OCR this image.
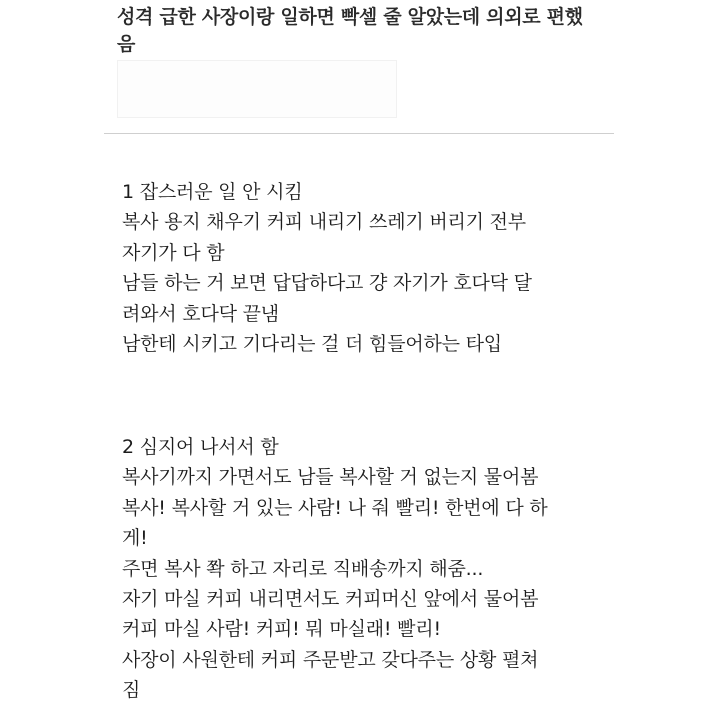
성격 급한 사장이랑 일하면 빡셀 줄 알았는데 의외로 편했음
1 잡스러운 일 안 시킴
복사 용지 채우기 커피 내리기 쓰레기 버리기 전부
자기가 다 함
남들 하는 거 보면 답답하다고 걍 자기가 호다닥 달
려와서 호다닥 끝냄
남한테 시키고 기다리는 걸 더 힘들어하는 타입
2 심지어 나서서 함
복사기까지 가면서도 남들 복사할 거 없는지 물어봄
복사! 복사할 거 있는 사람! 나 줘 빨리! 한번에 다 하
게!
주면 복사 쫙 하고 자리로 직배송까지 해줌...
자기 마실 커피 내리면서도 커피머신 앞에서 물어봄
커피 마실 사람! 커피! 뭐 마실래! 빨리!
사장이 사원한테 커피 주문받고 갖다주는 상황 펼쳐
짐
